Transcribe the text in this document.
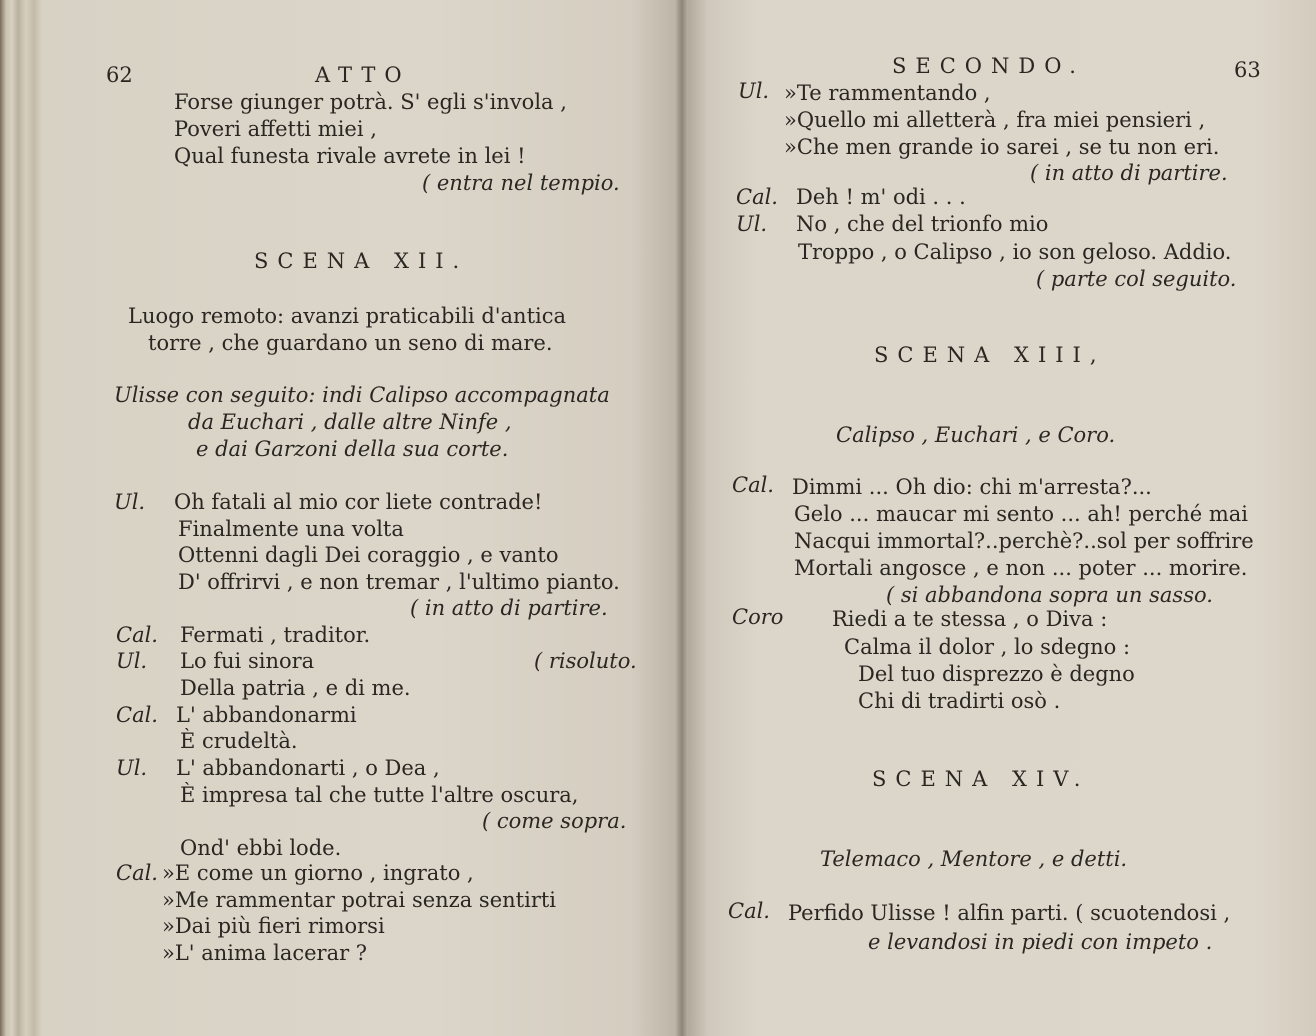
62	ATTO
Forse giunger potrà. S' egli s'invola ,
Poveri affetti miei ,
Qual funesta rivale avrete in lei !
( entra nel tempio.
SCENA XII.
Luogo remoto: avanzi praticabili d'antica
torre , che guardano un seno di mare.
Ulisse con seguito: indi Calipso accompagnata
da Euchari , dalle altre Ninfe ,
e dai Garzoni della sua corte.
Ul. Oh fatali al mio cor liete contrade!
Finalmente una volta
Ottenni dagli Dei coraggio , e vanto
D' offrirvi , e non tremar , l'ultimo pianto.
( in atto di partire.
Cal. Fermati , traditor.
Ul. Lo fui sinora	( risoluto.
Della patria , e di me.
Cal. L' abbandonarmi
È crudeltà.
Ul. L' abbandonarti , o Dea ,
È impresa tal che tutte l'altre oscura,
( come sopra.
Ond' ebbi lode.
Cal. »E come un giorno , ingrato ,
»Me rammentar potrai senza sentirti
»Dai più fieri rimorsi
»L' anima lacerar ?
SECONDO.	63
Ul. »Te rammentando ,
»Quello mi alletterà , fra miei pensieri ,
»Che men grande io sarei , se tu non eri.
( in atto di partire.
Cal. Deh ! m' odi . . .
Ul. No , che del trionfo mio
Troppo , o Calipso , io son geloso. Addio.
( parte col seguito.
SCENA XIII,
Calipso , Euchari , e Coro.
Cal. Dimmi ... Oh dio: chi m'arresta?...
Gelo ... maucar mi sento ... ah! perché mai
Nacqui immortal?..perchè?..sol per soffrire
Mortali angosce , e non ... poter ... morire.
( si abbandona sopra un sasso.
Coro Riedi a te stessa , o Diva :
Calma il dolor , lo sdegno :
Del tuo disprezzo è degno
Chi di tradirti osò .
SCENA XIV.
Telemaco , Mentore , e detti.
Cal. Perfido Ulisse ! alfin parti. ( scuotendosi ,
e levandosi in piedi con impeto .
